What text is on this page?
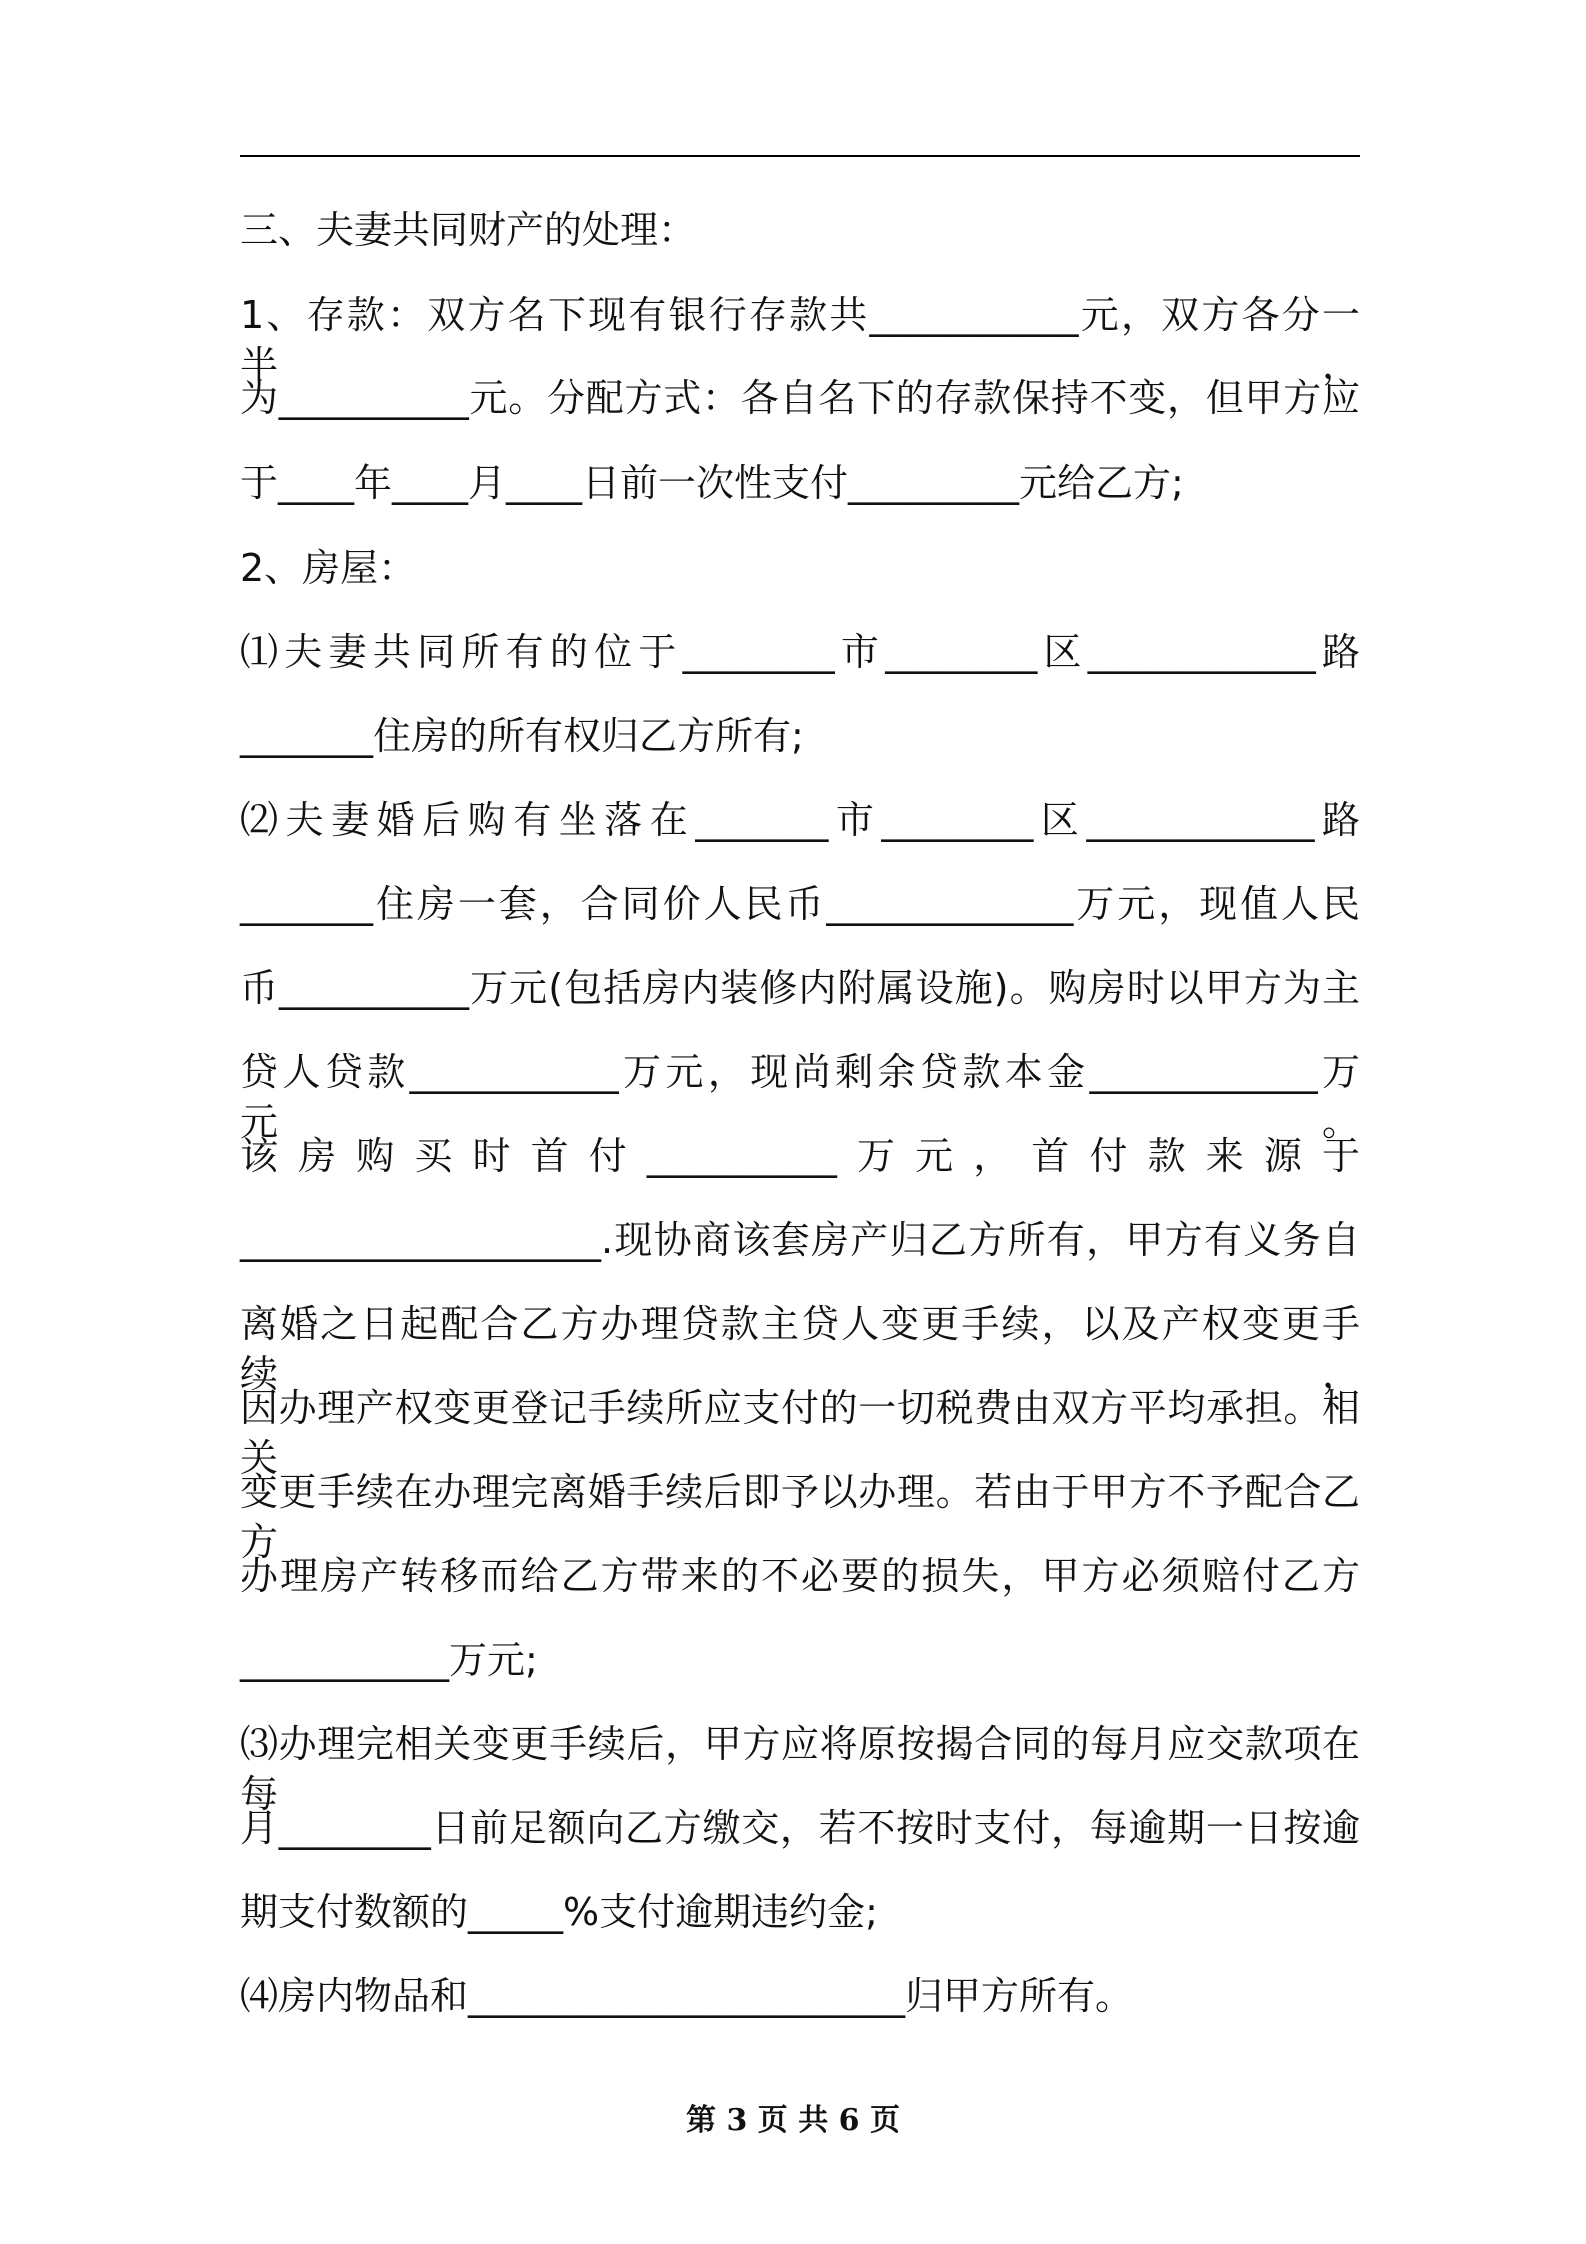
三、夫妻共同财产的处理：
1、存款：双方名下现有银行存款共___________元，双方各分一半，
为__________元。分配方式：各自名下的存款保持不变，但甲方应
于____年____月____日前一次性支付_________元给乙方;
2、房屋：
⑴夫妻共同所有的位于________市________区____________路
_______住房的所有权归乙方所有;
⑵夫妻婚后购有坐落在_______市________区____________路
_______住房一套，合同价人民币_____________万元，现值人民
币__________万元(包括房内装修内附属设施)。购房时以甲方为主
贷人贷款___________万元，现尚剩余贷款本金____________万元。
该房购买时首付__________万元，首付款来源于
___________________.现协商该套房产归乙方所有，甲方有义务自
离婚之日起配合乙方办理贷款主贷人变更手续，以及产权变更手续，
因办理产权变更登记手续所应支付的一切税费由双方平均承担。相关
变更手续在办理完离婚手续后即予以办理。若由于甲方不予配合乙方
办理房产转移而给乙方带来的不必要的损失，甲方必须赔付乙方
___________万元;
⑶办理完相关变更手续后，甲方应将原按揭合同的每月应交款项在每
月________日前足额向乙方缴交，若不按时支付，每逾期一日按逾
期支付数额的_____%支付逾期违约金;
⑷房内物品和_______________________归甲方所有。
第 3 页 共 6 页
